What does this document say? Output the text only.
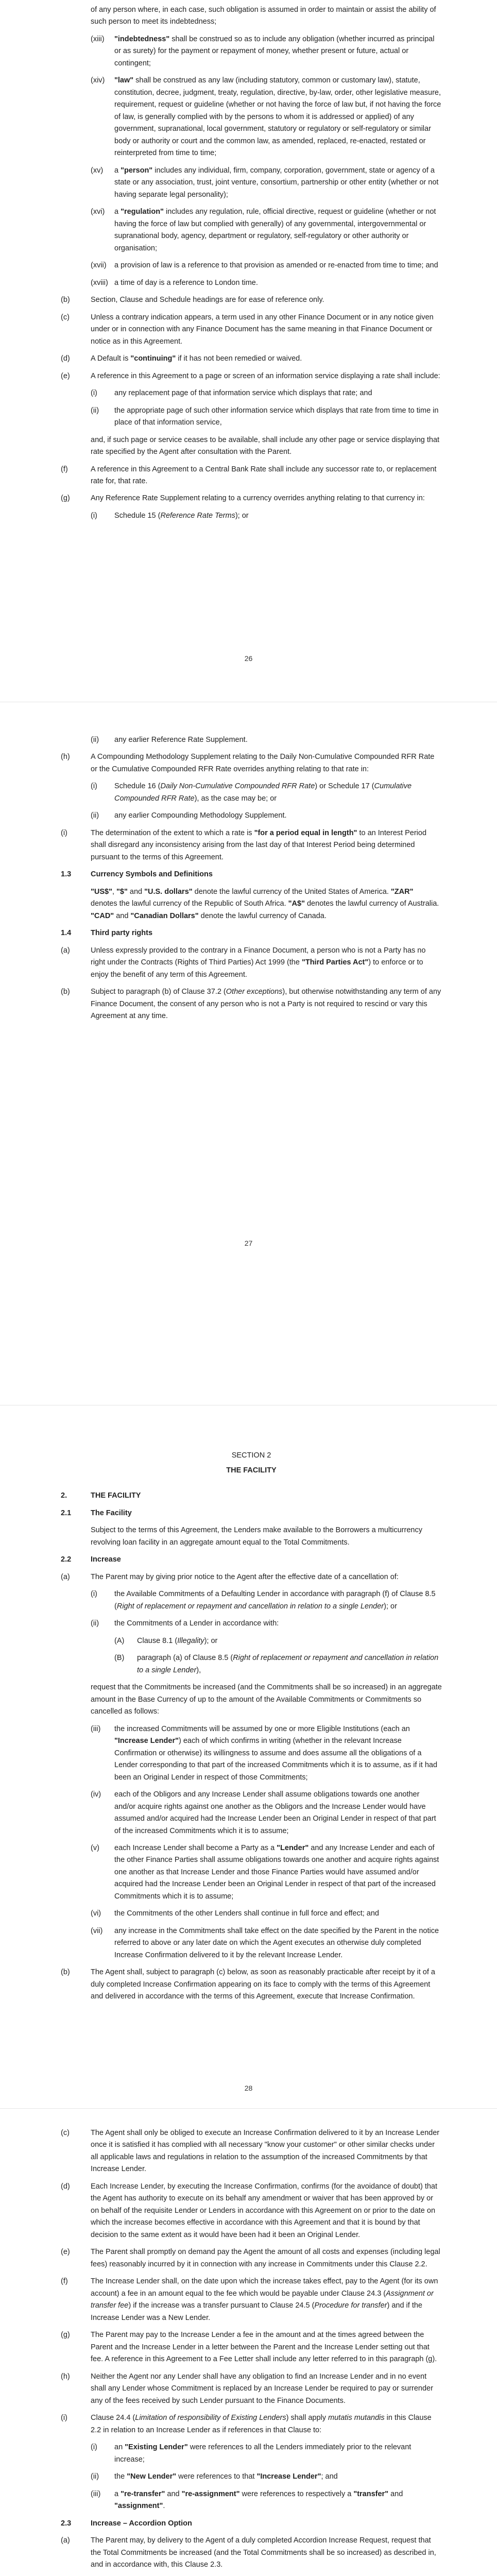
of any person where, in each case, such obligation is assumed in order to maintain or assist the ability of such person to meet its indebtedness;
(xiii) "indebtedness" shall be construed so as to include any obligation (whether incurred as principal or as surety) for the payment or repayment of money, whether present or future, actual or contingent;
(xiv) "law" shall be construed as any law (including statutory, common or customary law), statute, constitution, decree, judgment, treaty, regulation, directive, by-law, order, other legislative measure, requirement, request or guideline (whether or not having the force of law but, if not having the force of law, is generally complied with by the persons to whom it is addressed or applied) of any government, supranational, local government, statutory or regulatory or self-regulatory or similar body or authority or court and the common law, as amended, replaced, re-enacted, restated or reinterpreted from time to time;
(xv) a "person" includes any individual, firm, company, corporation, government, state or agency of a state or any association, trust, joint venture, consortium, partnership or other entity (whether or not having separate legal personality);
(xvi) a "regulation" includes any regulation, rule, official directive, request or guideline (whether or not having the force of law but complied with generally) of any governmental, intergovernmental or supranational body, agency, department or regulatory, self-regulatory or other authority or organisation;
(xvii) a provision of law is a reference to that provision as amended or re-enacted from time to time; and
(xviii) a time of day is a reference to London time.
(b)	Section, Clause and Schedule headings are for ease of reference only.
(c)	Unless a contrary indication appears, a term used in any other Finance Document or in any notice given under or in connection with any Finance Document has the same meaning in that Finance Document or notice as in this Agreement.
(d)	A Default is "continuing" if it has not been remedied or waived.
(e)	A reference in this Agreement to a page or screen of an information service displaying a rate shall include:
(i) any replacement page of that information service which displays that rate; and
(ii) the appropriate page of such other information service which displays that rate from time to time in place of that information service,
and, if such page or service ceases to be available, shall include any other page or service displaying that rate specified by the Agent after consultation with the Parent.
(f)	A reference in this Agreement to a Central Bank Rate shall include any successor rate to, or replacement rate for, that rate.
(g)	Any Reference Rate Supplement relating to a currency overrides anything relating to that currency in:
(i) Schedule 15 (Reference Rate Terms); or
26
(ii) any earlier Reference Rate Supplement.
(h)	A Compounding Methodology Supplement relating to the Daily Non-Cumulative Compounded RFR Rate or the Cumulative Compounded RFR Rate overrides anything relating to that rate in:
(i) Schedule 16 (Daily Non-Cumulative Compounded RFR Rate) or Schedule 17 (Cumulative Compounded RFR Rate), as the case may be; or
(ii) any earlier Compounding Methodology Supplement.
(i)	The determination of the extent to which a rate is "for a period equal in length" to an Interest Period shall disregard any inconsistency arising from the last day of that Interest Period being determined pursuant to the terms of this Agreement.
1.3	Currency Symbols and Definitions
"US$", "$" and "U.S. dollars" denote the lawful currency of the United States of America. "ZAR" denotes the lawful currency of the Republic of South Africa. "A$" denotes the lawful currency of Australia. "CAD" and "Canadian Dollars" denote the lawful currency of Canada.
1.4	Third party rights
(a)	Unless expressly provided to the contrary in a Finance Document, a person who is not a Party has no right under the Contracts (Rights of Third Parties) Act 1999 (the "Third Parties Act") to enforce or to enjoy the benefit of any term of this Agreement.
(b)	Subject to paragraph (b) of Clause 37.2 (Other exceptions), but otherwise notwithstanding any term of any Finance Document, the consent of any person who is not a Party is not required to rescind or vary this Agreement at any time.
27
SECTION 2
THE FACILITY
2.	THE FACILITY
2.1	The Facility
Subject to the terms of this Agreement, the Lenders make available to the Borrowers a multicurrency revolving loan facility in an aggregate amount equal to the Total Commitments.
2.2	Increase
(a)	The Parent may by giving prior notice to the Agent after the effective date of a cancellation of:
(i) the Available Commitments of a Defaulting Lender in accordance with paragraph (f) of Clause 8.5 (Right of replacement or repayment and cancellation in relation to a single Lender); or
(ii) the Commitments of a Lender in accordance with:
(A) Clause 8.1 (Illegality); or
(B) paragraph (a) of Clause 8.5 (Right of replacement or repayment and cancellation in relation to a single Lender),
request that the Commitments be increased (and the Commitments shall be so increased) in an aggregate amount in the Base Currency of up to the amount of the Available Commitments or Commitments so cancelled as follows:
(iii) the increased Commitments will be assumed by one or more Eligible Institutions (each an "Increase Lender") each of which confirms in writing (whether in the relevant Increase Confirmation or otherwise) its willingness to assume and does assume all the obligations of a Lender corresponding to that part of the increased Commitments which it is to assume, as if it had been an Original Lender in respect of those Commitments;
(iv) each of the Obligors and any Increase Lender shall assume obligations towards one another and/or acquire rights against one another as the Obligors and the Increase Lender would have assumed and/or acquired had the Increase Lender been an Original Lender in respect of that part of the increased Commitments which it is to assume;
(v) each Increase Lender shall become a Party as a "Lender" and any Increase Lender and each of the other Finance Parties shall assume obligations towards one another and acquire rights against one another as that Increase Lender and those Finance Parties would have assumed and/or acquired had the Increase Lender been an Original Lender in respect of that part of the increased Commitments which it is to assume;
(vi) the Commitments of the other Lenders shall continue in full force and effect; and
(vii) any increase in the Commitments shall take effect on the date specified by the Parent in the notice referred to above or any later date on which the Agent executes an otherwise duly completed Increase Confirmation delivered to it by the relevant Increase Lender.
(b)	The Agent shall, subject to paragraph (c) below, as soon as reasonably practicable after receipt by it of a duly completed Increase Confirmation appearing on its face to comply with the terms of this Agreement and delivered in accordance with the terms of this Agreement, execute that Increase Confirmation.
28
(c)	The Agent shall only be obliged to execute an Increase Confirmation delivered to it by an Increase Lender once it is satisfied it has complied with all necessary "know your customer" or other similar checks under all applicable laws and regulations in relation to the assumption of the increased Commitments by that Increase Lender.
(d)	Each Increase Lender, by executing the Increase Confirmation, confirms (for the avoidance of doubt) that the Agent has authority to execute on its behalf any amendment or waiver that has been approved by or on behalf of the requisite Lender or Lenders in accordance with this Agreement on or prior to the date on which the increase becomes effective in accordance with this Agreement and that it is bound by that decision to the same extent as it would have been had it been an Original Lender.
(e)	The Parent shall promptly on demand pay the Agent the amount of all costs and expenses (including legal fees) reasonably incurred by it in connection with any increase in Commitments under this Clause 2.2.
(f)	The Increase Lender shall, on the date upon which the increase takes effect, pay to the Agent (for its own account) a fee in an amount equal to the fee which would be payable under Clause 24.3 (Assignment or transfer fee) if the increase was a transfer pursuant to Clause 24.5 (Procedure for transfer) and if the Increase Lender was a New Lender.
(g)	The Parent may pay to the Increase Lender a fee in the amount and at the times agreed between the Parent and the Increase Lender in a letter between the Parent and the Increase Lender setting out that fee. A reference in this Agreement to a Fee Letter shall include any letter referred to in this paragraph (g).
(h)	Neither the Agent nor any Lender shall have any obligation to find an Increase Lender and in no event shall any Lender whose Commitment is replaced by an Increase Lender be required to pay or surrender any of the fees received by such Lender pursuant to the Finance Documents.
(i)	Clause 24.4 (Limitation of responsibility of Existing Lenders) shall apply mutatis mutandis in this Clause 2.2 in relation to an Increase Lender as if references in that Clause to:
(i) an "Existing Lender" were references to all the Lenders immediately prior to the relevant increase;
(ii) the "New Lender" were references to that "Increase Lender"; and
(iii) a "re-transfer" and "re-assignment" were references to respectively a "transfer" and "assignment".
2.3	Increase – Accordion Option
(a)	The Parent may, by delivery to the Agent of a duly completed Accordion Increase Request, request that the Total Commitments be increased (and the Total Commitments shall be so increased) as described in, and in accordance with, this Clause 2.3.
